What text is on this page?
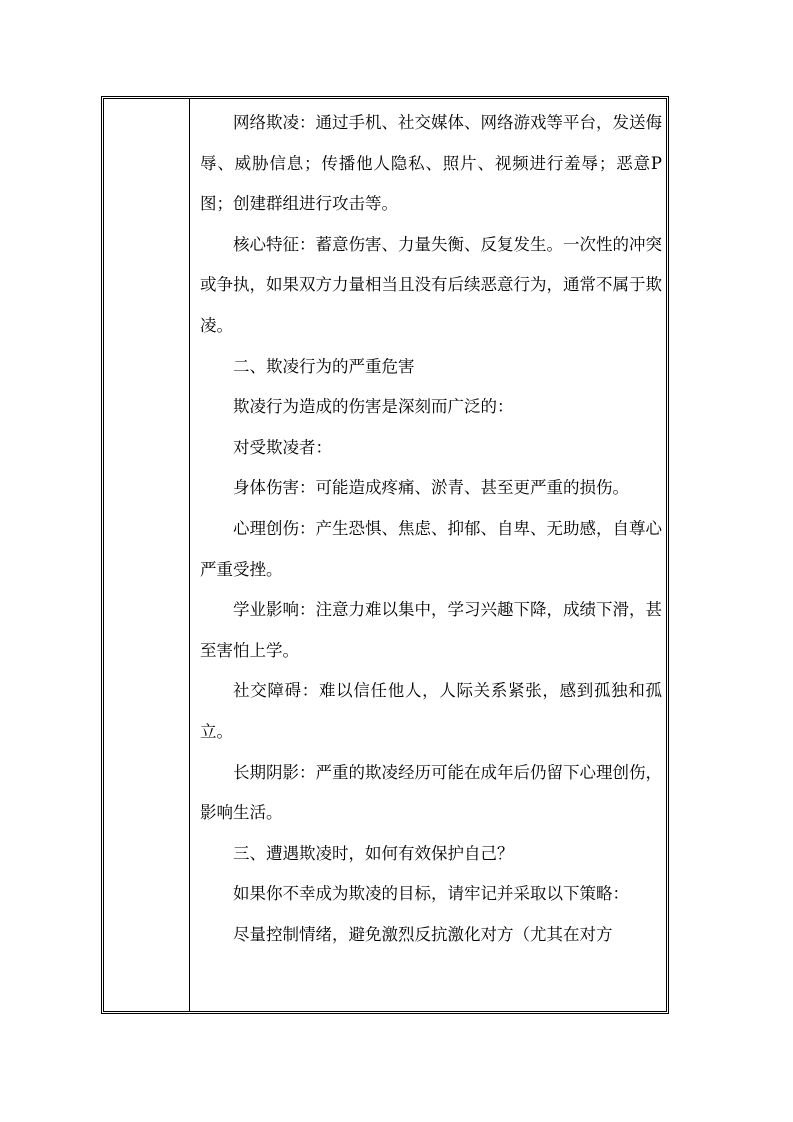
网络欺凌：通过手机、社交媒体、网络游戏等平台，发送侮辱、威胁信息；传播他人隐私、照片、视频进行羞辱；恶意P图；创建群组进行攻击等。

核心特征：蓄意伤害、力量失衡、反复发生。一次性的冲突或争执，如果双方力量相当且没有后续恶意行为，通常不属于欺凌。

二、欺凌行为的严重危害

欺凌行为造成的伤害是深刻而广泛的：

对受欺凌者：

身体伤害：可能造成疼痛、淤青、甚至更严重的损伤。

心理创伤：产生恐惧、焦虑、抑郁、自卑、无助感，自尊心严重受挫。

学业影响：注意力难以集中，学习兴趣下降，成绩下滑，甚至害怕上学。

社交障碍：难以信任他人，人际关系紧张，感到孤独和孤立。

长期阴影：严重的欺凌经历可能在成年后仍留下心理创伤，影响生活。

三、遭遇欺凌时，如何有效保护自己？

如果你不幸成为欺凌的目标，请牢记并采取以下策略：

尽量控制情绪，避免激烈反抗激化对方（尤其在对方
